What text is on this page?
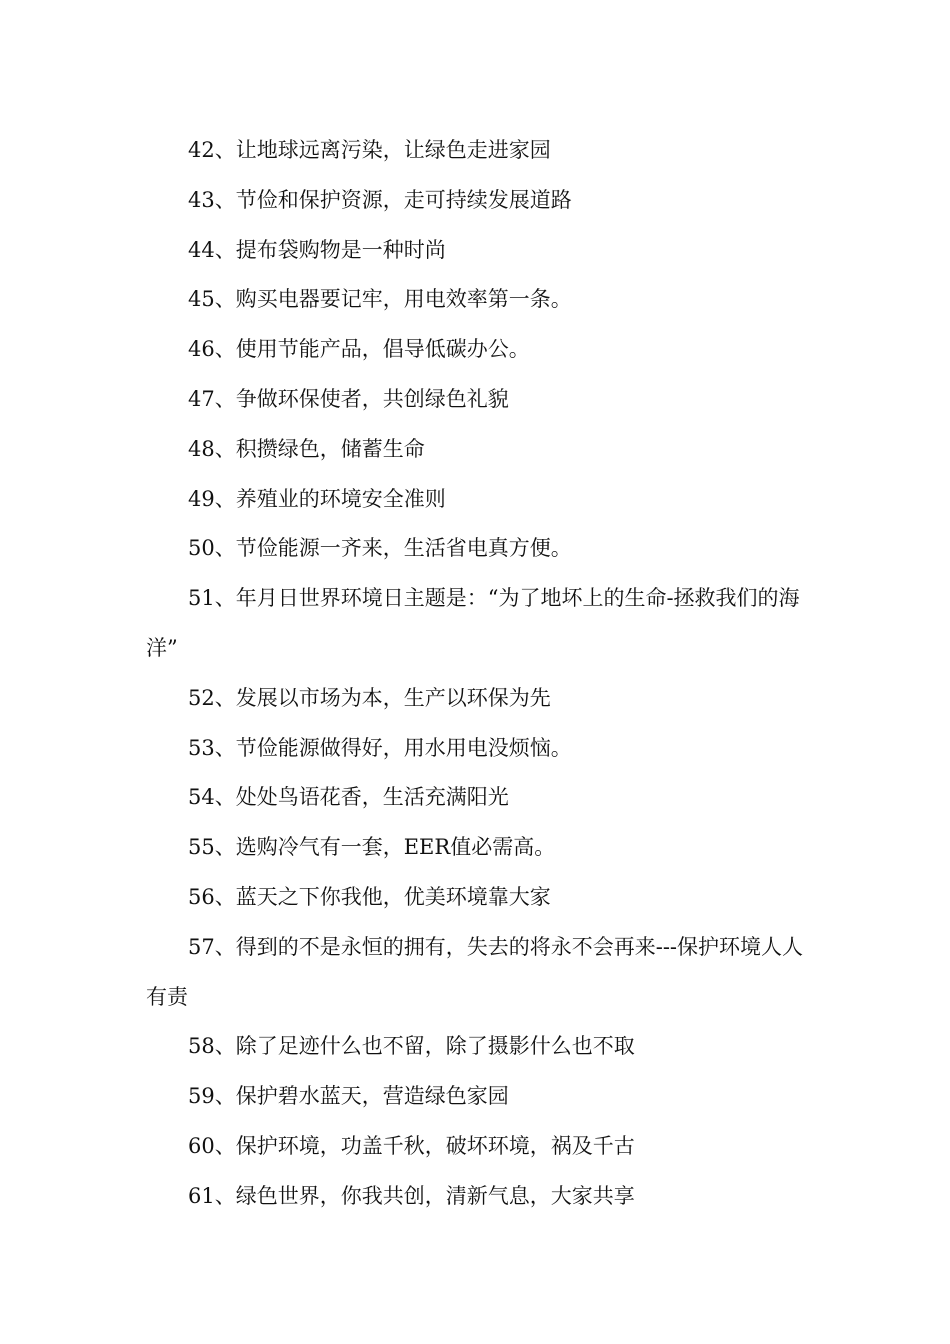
42、让地球远离污染，让绿色走进家园

43、节俭和保护资源，走可持续发展道路

44、提布袋购物是一种时尚

45、购买电器要记牢，用电效率第一条。

46、使用节能产品，倡导低碳办公。

47、争做环保使者，共创绿色礼貌

48、积攒绿色，储蓄生命

49、养殖业的环境安全准则

50、节俭能源一齐来，生活省电真方便。

51、年月日世界环境日主题是：“为了地坏上的生命-拯救我们的海洋”

52、发展以市场为本，生产以环保为先

53、节俭能源做得好，用水用电没烦恼。

54、处处鸟语花香，生活充满阳光

55、选购冷气有一套，EER值必需高。

56、蓝天之下你我他，优美环境靠大家

57、得到的不是永恒的拥有，失去的将永不会再来---保护环境人人有责

58、除了足迹什么也不留，除了摄影什么也不取

59、保护碧水蓝天，营造绿色家园

60、保护环境，功盖千秋，破坏环境，祸及千古

61、绿色世界，你我共创，清新气息，大家共享
